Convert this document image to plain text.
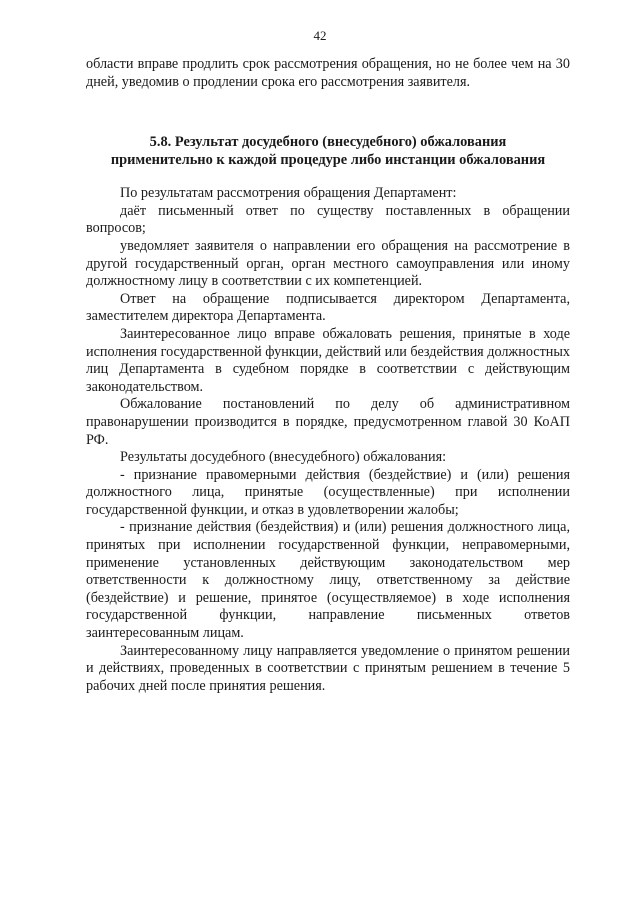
42

области вправе продлить срок рассмотрения обращения, но не более чем на 30 дней, уведомив о продлении срока его рассмотрения заявителя.

5.8. Результат досудебного (внесудебного) обжалования
применительно к каждой процедуре либо инстанции обжалования

По результатам рассмотрения обращения Департамент:

даёт письменный ответ по существу поставленных в обращении вопросов;

уведомляет заявителя о направлении его обращения на рассмотрение в другой государственный орган, орган местного самоуправления или иному должностному лицу в соответствии с их компетенцией.

Ответ на обращение подписывается директором Департамента, заместителем директора Департамента.

Заинтересованное лицо вправе обжаловать решения, принятые в ходе исполнения государственной функции, действий или бездействия должностных лиц Департамента в судебном порядке в соответствии с действующим законодательством.

Обжалование постановлений по делу об административном правонарушении производится в порядке, предусмотренном главой 30 КоАП РФ.

Результаты досудебного (внесудебного) обжалования:

- признание правомерными действия (бездействие) и (или) решения должностного лица, принятые (осуществленные) при исполнении государственной функции, и отказ в удовлетворении жалобы;

- признание действия (бездействия) и (или) решения должностного лица, принятых при исполнении государственной функции, неправомерными, применение установленных действующим законодательством мер ответственности к должностному лицу, ответственному за действие (бездействие) и решение, принятое (осуществляемое) в ходе исполнения государственной функции, направление письменных ответов заинтересованным лицам.

Заинтересованному лицу направляется уведомление о принятом решении и действиях, проведенных в соответствии с принятым решением в течение 5 рабочих дней после принятия решения.
